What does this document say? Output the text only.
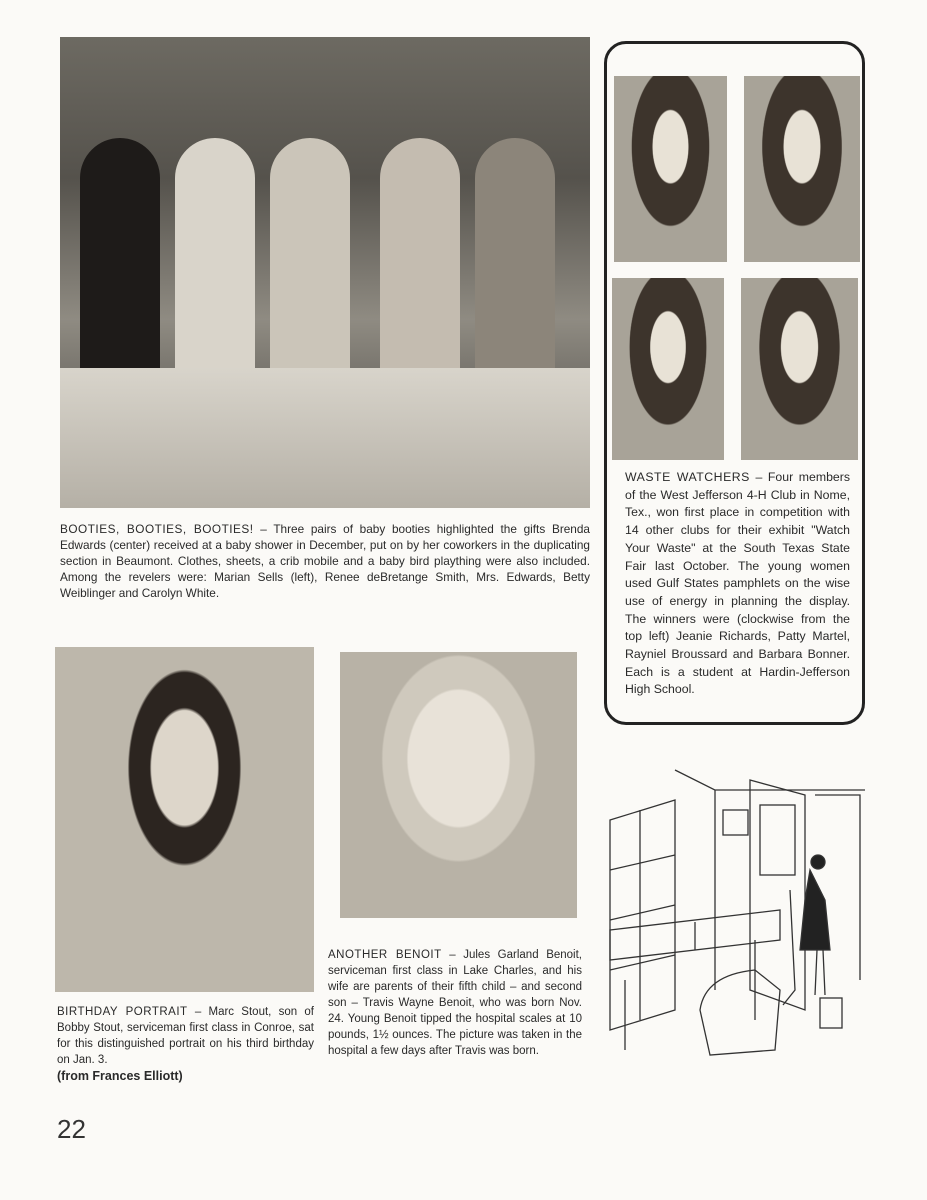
BOOTIES, BOOTIES, BOOTIES! – Three pairs of baby booties highlighted the gifts Brenda Edwards (center) received at a baby shower in December, put on by her coworkers in the duplicating section in Beaumont. Clothes, sheets, a crib mobile and a baby bird plaything were also included. Among the revelers were: Marian Sells (left), Renee deBretange Smith, Mrs. Edwards, Betty Weiblinger and Carolyn White.
WASTE WATCHERS – Four members of the West Jefferson 4-H Club in Nome, Tex., won first place in competition with 14 other clubs for their exhibit "Watch Your Waste" at the South Texas State Fair last October. The young women used Gulf States pamphlets on the wise use of energy in planning the display. The winners were (clockwise from the top left) Jeanie Richards, Patty Martel, Rayniel Broussard and Barbara Bonner. Each is a student at Hardin-Jefferson High School.
BIRTHDAY PORTRAIT – Marc Stout, son of Bobby Stout, serviceman first class in Conroe, sat for this distinguished portrait on his third birthday on Jan. 3.
(from Frances Elliott)
ANOTHER BENOIT – Jules Garland Benoit, serviceman first class in Lake Charles, and his wife are parents of their fifth child – and second son – Travis Wayne Benoit, who was born Nov. 24. Young Benoit tipped the hospital scales at 10 pounds, 1½ ounces. The picture was taken in the hospital a few days after Travis was born.
22
